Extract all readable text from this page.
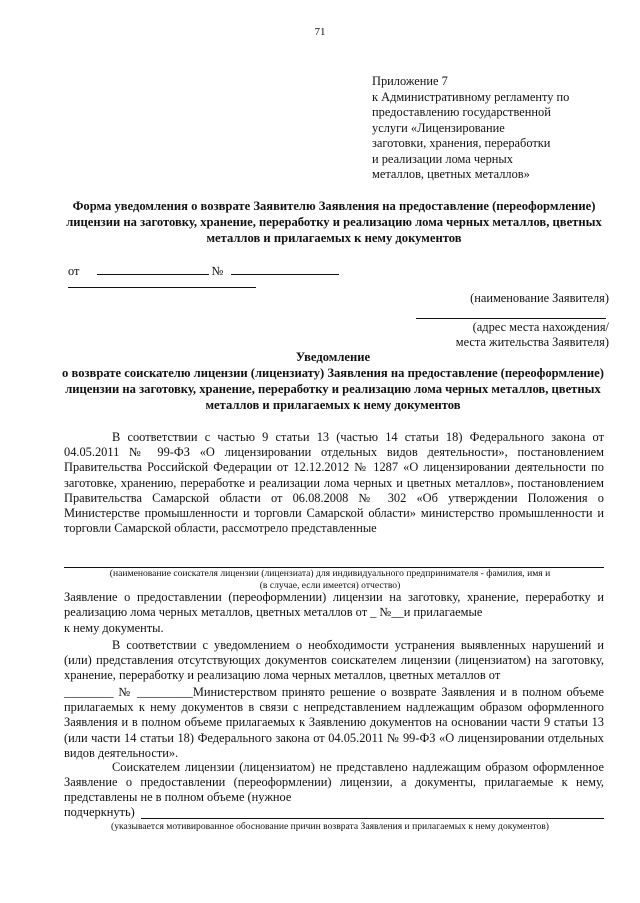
71
Приложение 7
к Административному регламенту по
предоставлению государственной
услуги «Лицензирование
заготовки, хранения, переработки
и реализации лома черных
металлов, цветных металлов»
Форма уведомления о возврате Заявителю Заявления на предоставление (переоформление) лицензии на заготовку, хранение, переработку и реализацию лома черных металлов, цветных металлов и прилагаемых к нему документов
от	№
(наименование Заявителя)
(адрес места нахождения/
места жительства Заявителя)
Уведомление
о возврате соискателю лицензии (лицензиату) Заявления на предоставление (переоформление) лицензии на заготовку, хранение, переработку и реализацию лома черных металлов, цветных металлов и прилагаемых к нему документов
В соответствии с частью 9 статьи 13 (частью 14 статьи 18) Федерального закона от 04.05.2011 № 99-ФЗ «О лицензировании отдельных видов деятельности», постановлением Правительства Российской Федерации от 12.12.2012 № 1287 «О лицензировании деятельности по заготовке, хранению, переработке и реализации лома черных и цветных металлов», постановлением Правительства Самарской области от 06.08.2008 № 302 «Об утверждении Положения о Министерстве промышленности и торговли Самарской области» министерство промышленности и торговли Самарской области, рассмотрело представленные
(наименование соискателя лицензии (лицензиата) для индивидуального предпринимателя - фамилия, имя и
(в случае, если имеется) отчество)
Заявление о предоставлении (переоформлении) лицензии на заготовку, хранение, переработку и реализацию лома черных металлов, цветных металлов от _ №__и прилагаемые
к нему документы.
В соответствии с уведомлением о необходимости устранения выявленных нарушений и (или) представления отсутствующих документов соискателем лицензии (лицензиатом) на заготовку, хранение, переработку и реализацию лома черных металлов, цветных металлов от
________ № _________Министерством принято решение о возврате Заявления и в полном объеме прилагаемых к нему документов в связи с непредставлением надлежащим образом оформленного Заявления и в полном объеме прилагаемых к Заявлению документов на основании части 9 статьи 13 (или части 14 статьи 18) Федерального закона от 04.05.2011 № 99-ФЗ «О лицензировании отдельных видов деятельности».
Соискателем лицензии (лицензиатом) не представлено надлежащим образом оформленное Заявление о предоставлении (переоформлении) лицензии, а документы, прилагаемые к нему, представлены не в полном объеме (нужное
подчеркнуть)
(указывается мотивированное обоснование причин возврата Заявления и прилагаемых к нему документов)
